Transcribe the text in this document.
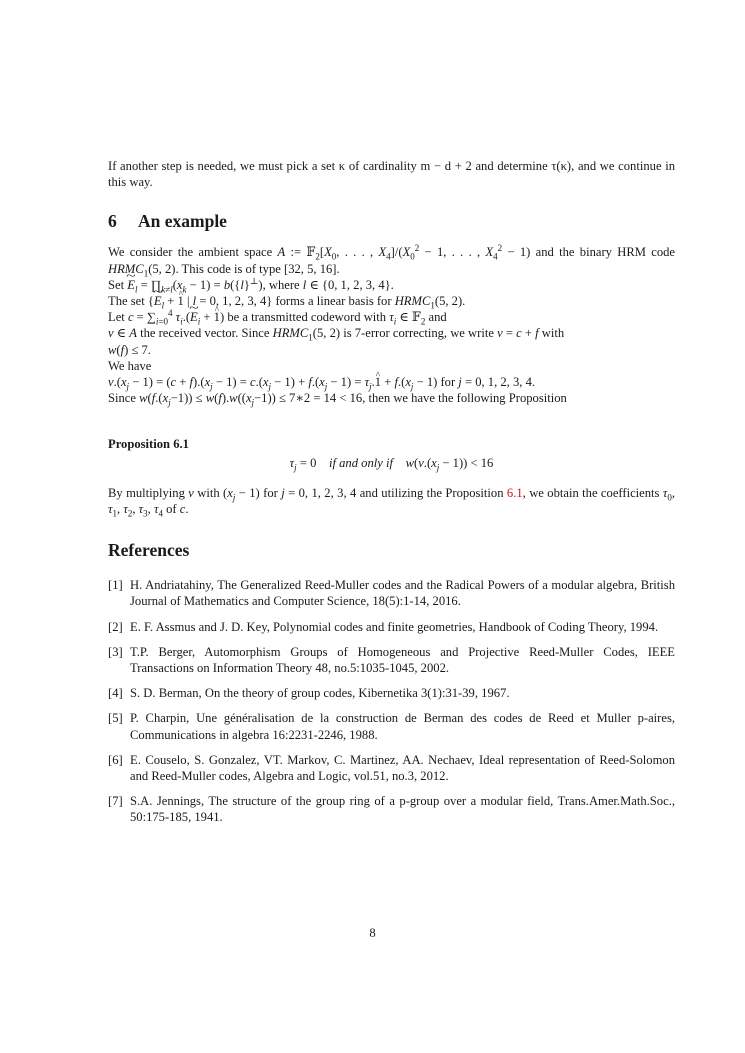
If another step is needed, we must pick a set κ of cardinality m − d + 2 and determine τ(κ), and we continue in this way.

6 An example

We consider the ambient space A := $𝔽_2[X_0$, . . . , $X_4]/(X_0^2 - 1$, . . . , $X_4^2 - 1$) and the binary HRM code $HRMC_1(5$, 2). This code is of type [32, 5, 16].

Set ~ $E_l$ = $\prod_{k\ne l}(x_k - 1) = b(\{l\}^\perp)$, where l ∈ {0, 1, 2, 3, 4}.

The set {~ $E_l$ + ^ 1 | l = 0, 1, 2, 3, 4} forms a linear basis for $HRMC_1(5$, 2).

Let $c = \sum_{i=0}^4$ $\tau_i.(\sim$ $E_i$ + ^ 1) be a transmitted codeword with $\tau_i$ ∈ 𝔽$_2$ and
v ∈ A the received vector. Since $HRMC_1(5$, 2) is 7-error correcting, we write v = c + f with
w(f) ≤ 7.

We have

$v.(x_j - 1) = (c + f).(x_j - 1) = c.(x_j - 1) + f.(x_j - 1)$ = $\tau_j.\^{}$ $1 + f.(x_j - 1)$ for j = 0, 1, 2, 3, 4.

Since $w(f.(x_j-1)) \le w(f).w((x_j-1))$ ≤ 7∗2 = 14 < 16, then we have the following Proposition

Proposition 6.1

$\tau_j = 0$    if and only if $w(v.(x_j - 1)) < 16$

By multiplying v with $(x_j - 1)$ for j = 0, 1, 2, 3, 4 and utilizing the Proposition 6.1, we obtain the coefficients $\tau_0$, $\tau_1$, $\tau_2$, $\tau_3$, $\tau_4$ of c.

References
[1] H. Andriatahiny, The Generalized Reed-Muller codes and the Radical Powers of a modular algebra, British Journal of Mathematics and Computer Science, 18(5):1-14, 2016.
[2] E. F. Assmus and J. D. Key, Polynomial codes and finite geometries, Handbook of Coding Theory, 1994.
[3] T.P. Berger, Automorphism Groups of Homogeneous and Projective Reed-Muller Codes, IEEE Transactions on Information Theory 48, no.5:1035-1045, 2002.
[4] S. D. Berman, On the theory of group codes, Kibernetika 3(1):31-39, 1967.
[5] P. Charpin, Une généralisation de la construction de Berman des codes de Reed et Muller p-aires, Communications in algebra 16:2231-2246, 1988.
[6] E. Couselo, S. Gonzalez, VT. Markov, C. Martinez, AA. Nechaev, Ideal representation of Reed-Solomon and Reed-Muller codes, Algebra and Logic, vol.51, no.3, 2012.
[7] S.A. Jennings, The structure of the group ring of a p-group over a modular field, Trans.Amer.Math.Soc., 50:175-185, 1941.
8
